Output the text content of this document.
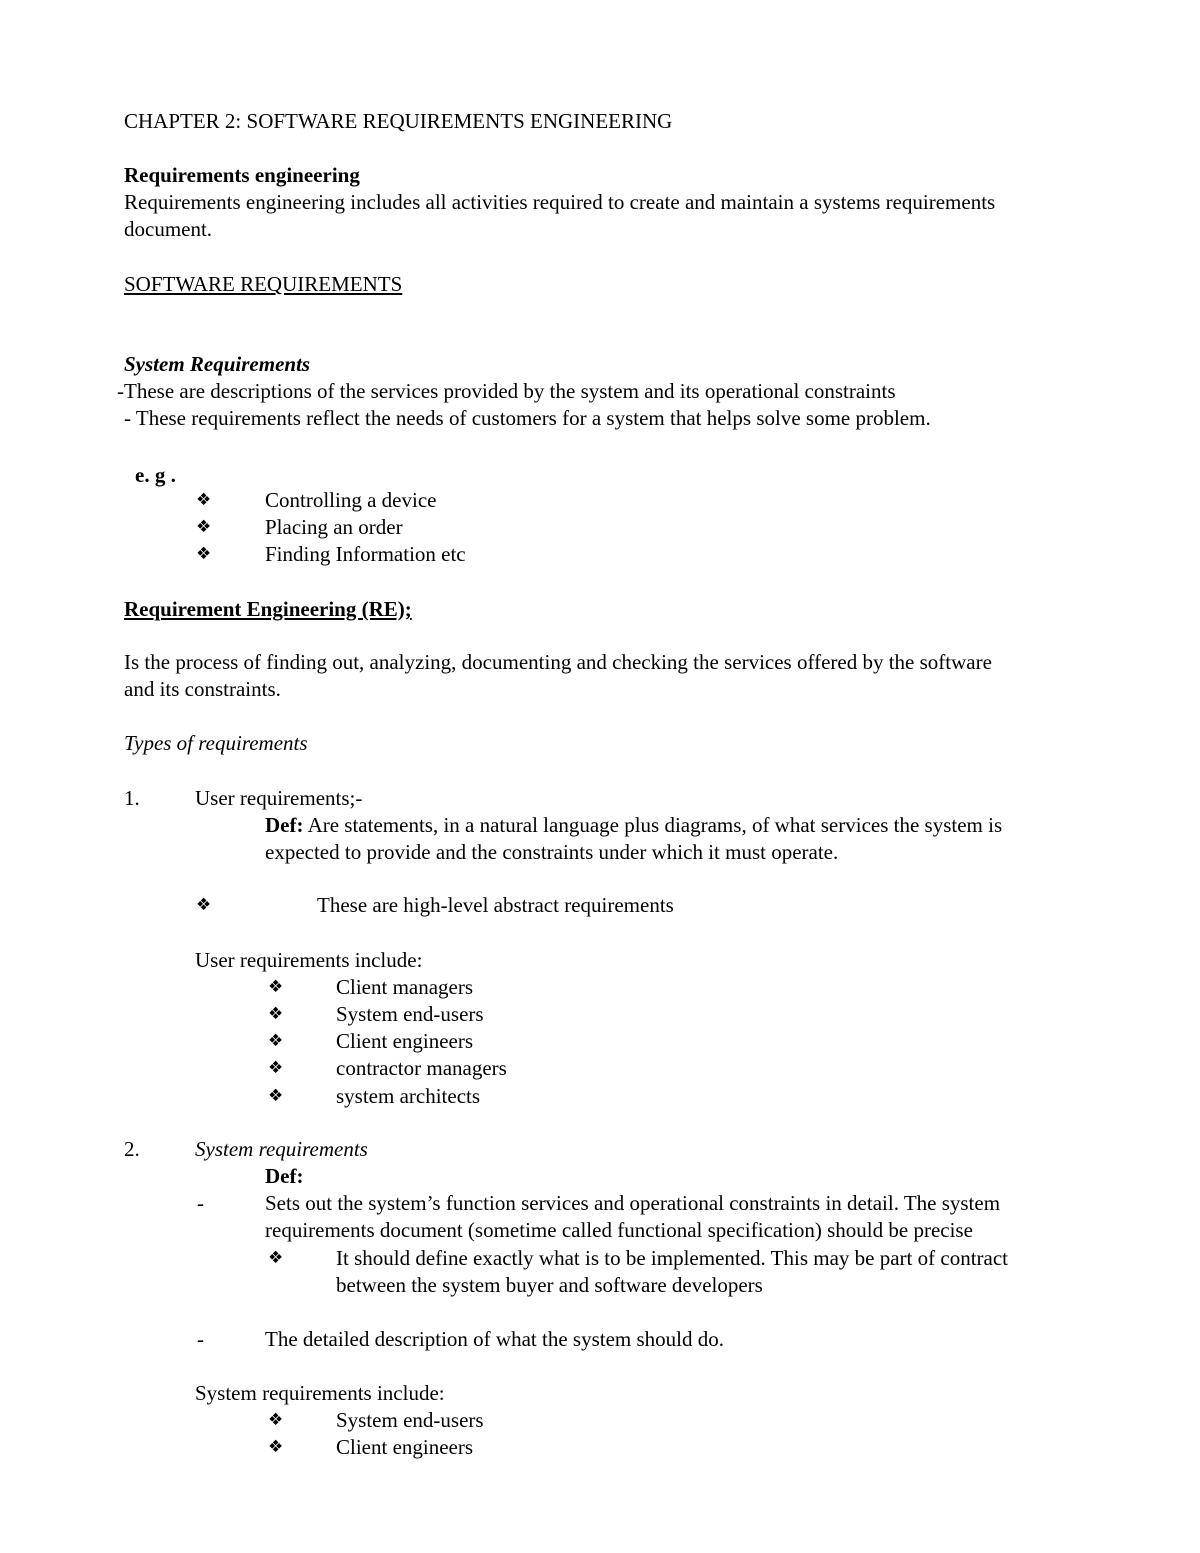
CHAPTER 2: SOFTWARE REQUIREMENTS ENGINEERING
Requirements engineering
Requirements engineering includes all activities required to create and maintain a systems requirements
document.
SOFTWARE REQUIREMENTS
System Requirements
-These are descriptions of the services provided by the system and its operational constraints
- These requirements reflect the needs of customers for a system that helps solve some problem.
e. g .
❖	Controlling a device
❖	Placing an order
❖	Finding Information etc
Requirement Engineering (RE);
Is the process of finding out, analyzing, documenting and checking the services offered by the software
and its constraints.
Types of requirements
1.	User requirements;-
Def: Are statements, in a natural language plus diagrams, of what services the system is
expected to provide and the constraints under which it must operate.
❖	These are high-level abstract requirements
User requirements include:
❖	Client managers
❖	System end-users
❖	Client engineers
❖	contractor managers
❖	system architects
2.	System requirements
Def:
-	Sets out the system’s function services and operational constraints in detail. The system
requirements document (sometime called functional specification) should be precise
❖	It should define exactly what is to be implemented. This may be part of contract
between the system buyer and software developers
-	The detailed description of what the system should do.
System requirements include:
❖	System end-users
❖	Client engineers
